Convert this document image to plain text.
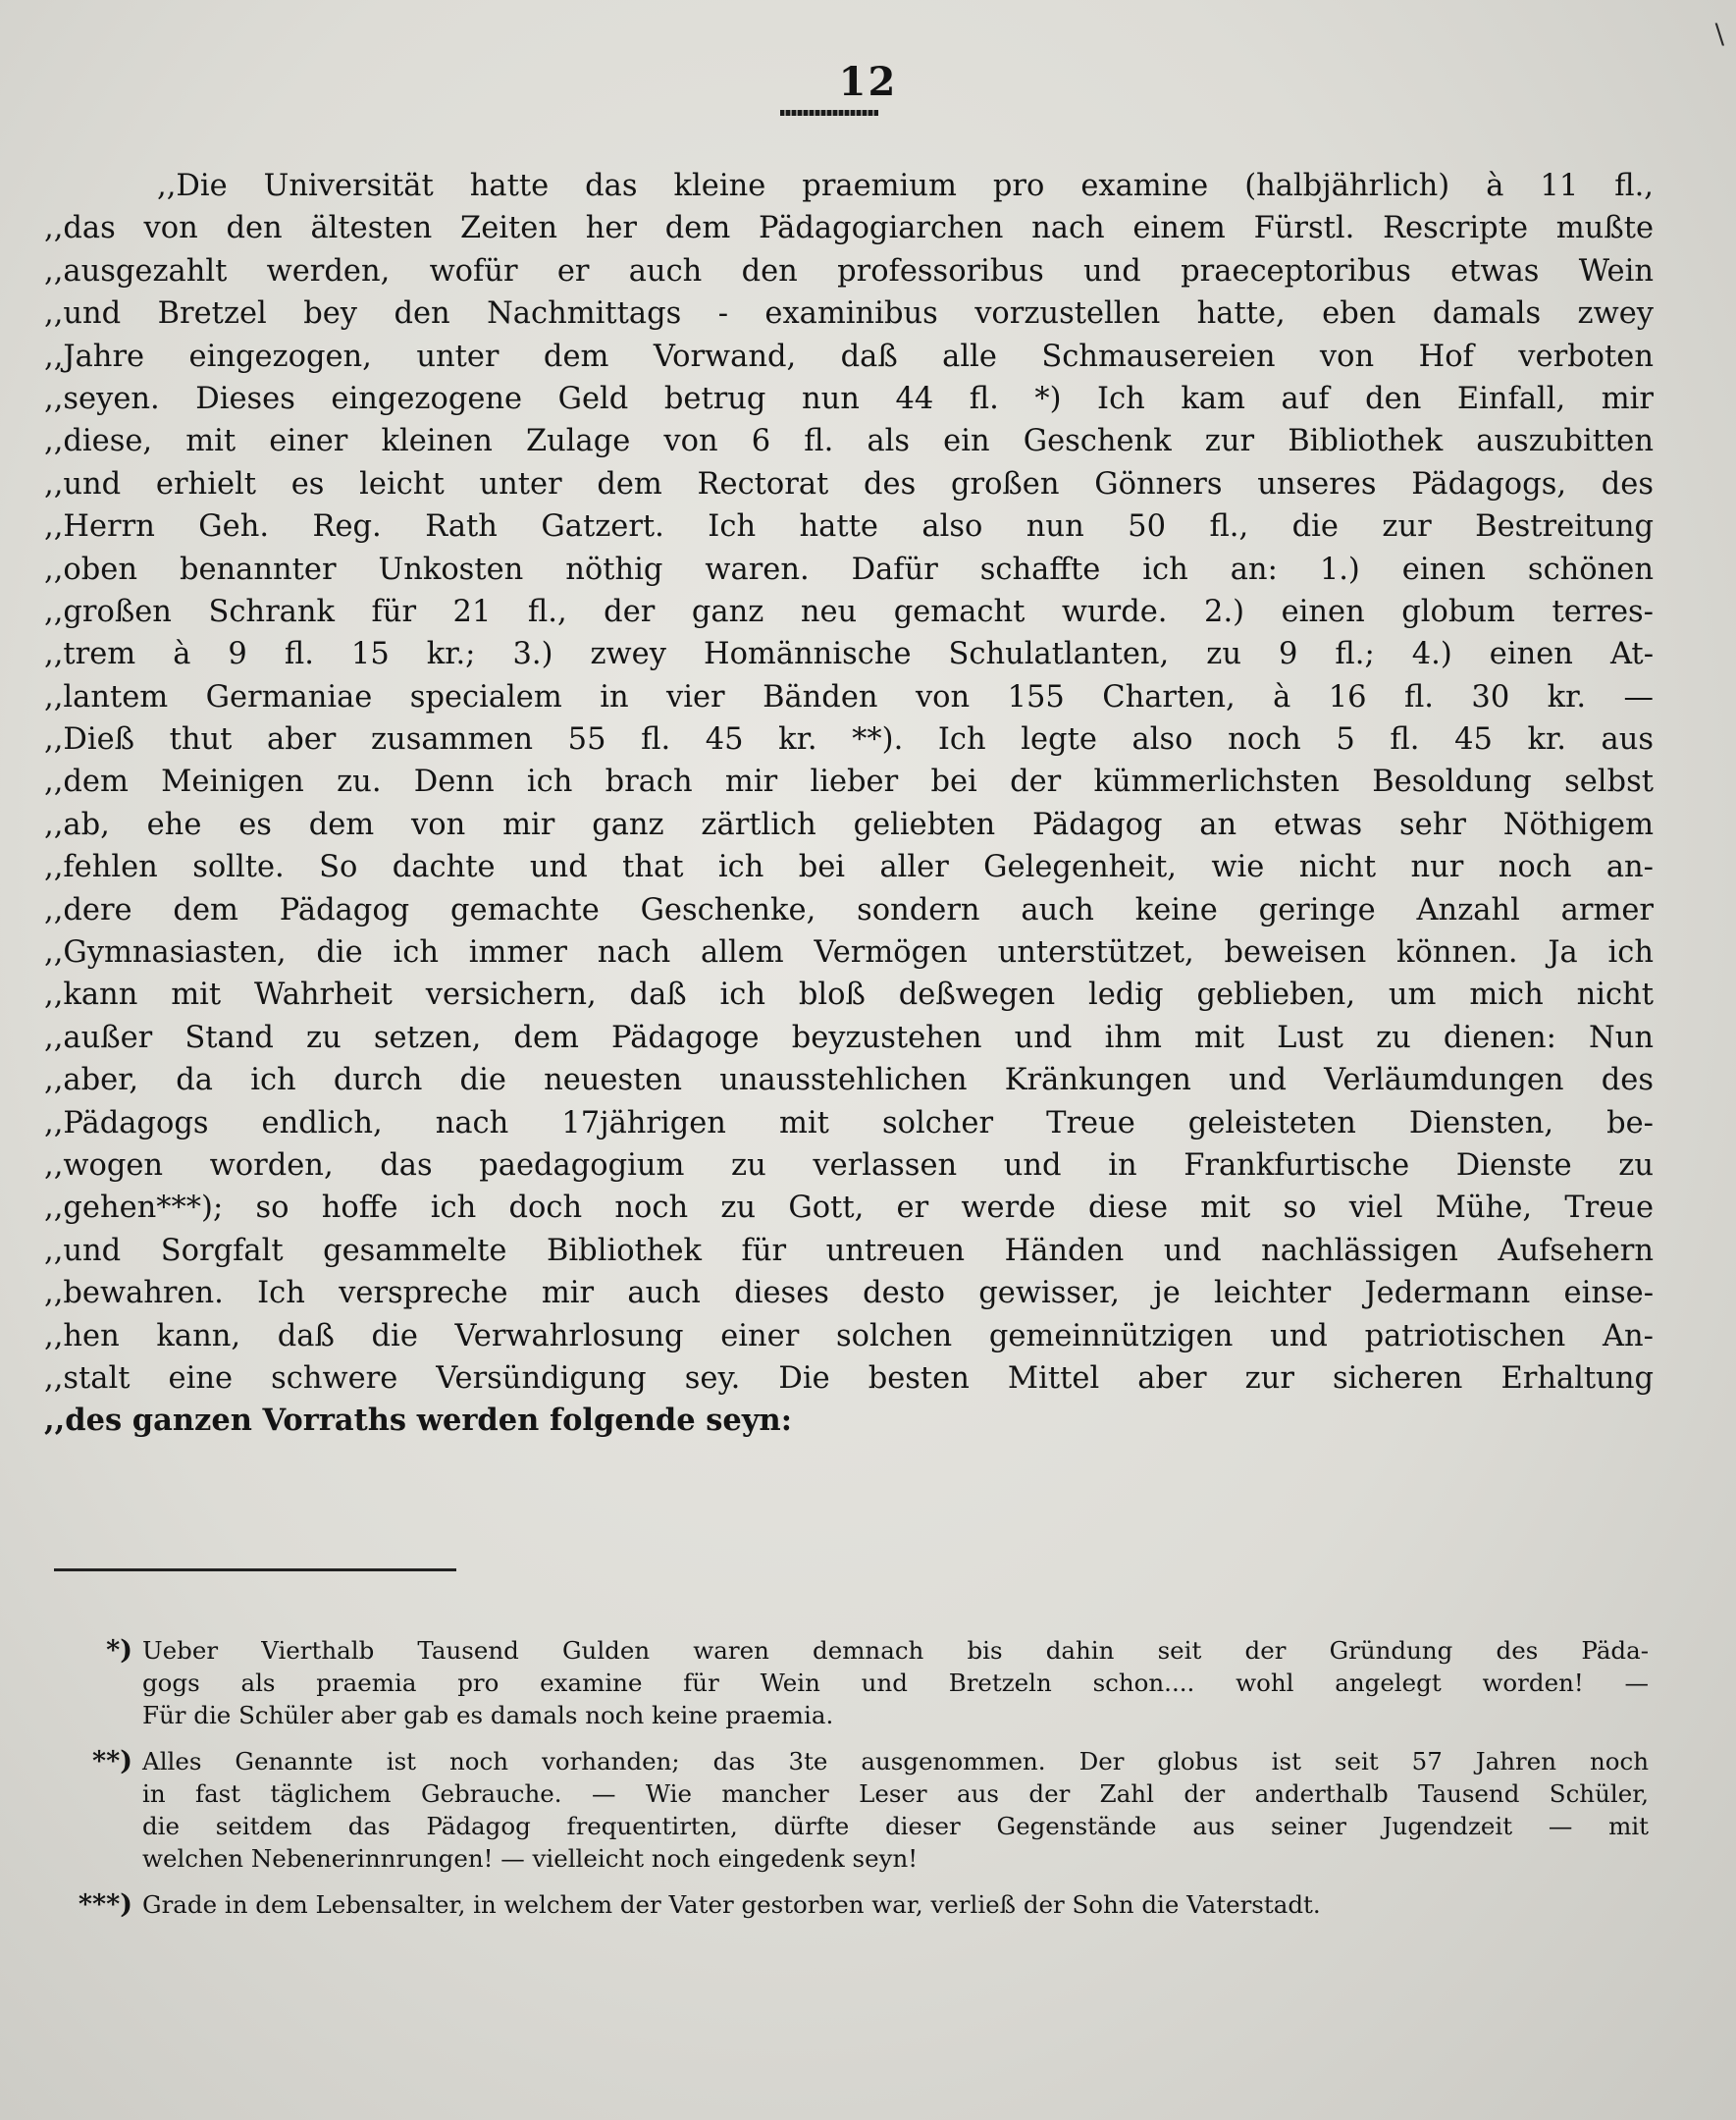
\
12
,,Die Universität hatte das kleine praemium pro examine (halbjährlich) à 11 fl.,
,,das von den ältesten Zeiten her dem Pädagogiarchen nach einem Fürstl. Rescripte mußte
,,ausgezahlt werden, wofür er auch den professoribus und praeceptoribus etwas Wein
,,und Bretzel bey den Nachmittags - examinibus vorzustellen hatte, eben damals zwey
,,Jahre eingezogen, unter dem Vorwand, daß alle Schmausereien von Hof verboten
,,seyen. Dieses eingezogene Geld betrug nun 44 fl. *) Ich kam auf den Einfall, mir
,,diese, mit einer kleinen Zulage von 6 fl. als ein Geschenk zur Bibliothek auszubitten
,,und erhielt es leicht unter dem Rectorat des großen Gönners unseres Pädagogs, des
,,Herrn Geh. Reg. Rath Gatzert. Ich hatte also nun 50 fl., die zur Bestreitung
,,oben benannter Unkosten nöthig waren. Dafür schaffte ich an: 1.) einen schönen
,,großen Schrank für 21 fl., der ganz neu gemacht wurde. 2.) einen globum terres-
,,trem à 9 fl. 15 kr.; 3.) zwey Homännische Schulatlanten, zu 9 fl.; 4.) einen At-
,,lantem Germaniae specialem in vier Bänden von 155 Charten, à 16 fl. 30 kr. —
,,Dieß thut aber zusammen 55 fl. 45 kr. **). Ich legte also noch 5 fl. 45 kr. aus
,,dem Meinigen zu. Denn ich brach mir lieber bei der kümmerlichsten Besoldung selbst
,,ab, ehe es dem von mir ganz zärtlich geliebten Pädagog an etwas sehr Nöthigem
,,fehlen sollte. So dachte und that ich bei aller Gelegenheit, wie nicht nur noch an-
,,dere dem Pädagog gemachte Geschenke, sondern auch keine geringe Anzahl armer
,,Gymnasiasten, die ich immer nach allem Vermögen unterstützet, beweisen können. Ja ich
,,kann mit Wahrheit versichern, daß ich bloß deßwegen ledig geblieben, um mich nicht
,,außer Stand zu setzen, dem Pädagoge beyzustehen und ihm mit Lust zu dienen: Nun
,,aber, da ich durch die neuesten unausstehlichen Kränkungen und Verläumdungen des
,,Pädagogs endlich, nach 17jährigen mit solcher Treue geleisteten Diensten, be-
,,wogen worden, das paedagogium zu verlassen und in Frankfurtische Dienste zu
,,gehen***); so hoffe ich doch noch zu Gott, er werde diese mit so viel Mühe, Treue
,,und Sorgfalt gesammelte Bibliothek für untreuen Händen und nachlässigen Aufsehern
,,bewahren. Ich verspreche mir auch dieses desto gewisser, je leichter Jedermann einse-
,,hen kann, daß die Verwahrlosung einer solchen gemeinnützigen und patriotischen An-
,,stalt eine schwere Versündigung sey. Die besten Mittel aber zur sicheren Erhaltung
,,des ganzen Vorraths werden folgende seyn:
*) Ueber Vierthalb Tausend Gulden waren demnach bis dahin seit der Gründung des Päda-
gogs als praemia pro examine für Wein und Bretzeln schon.... wohl angelegt worden! —
Für die Schüler aber gab es damals noch keine praemia.
**) Alles Genannte ist noch vorhanden; das 3te ausgenommen. Der globus ist seit 57 Jahren noch
in fast täglichem Gebrauche. — Wie mancher Leser aus der Zahl der anderthalb Tausend Schüler,
die seitdem das Pädagog frequentirten, dürfte dieser Gegenstände aus seiner Jugendzeit — mit
welchen Nebenerinnrungen! — vielleicht noch eingedenk seyn!
***) Grade in dem Lebensalter, in welchem der Vater gestorben war, verließ der Sohn die Vaterstadt.
